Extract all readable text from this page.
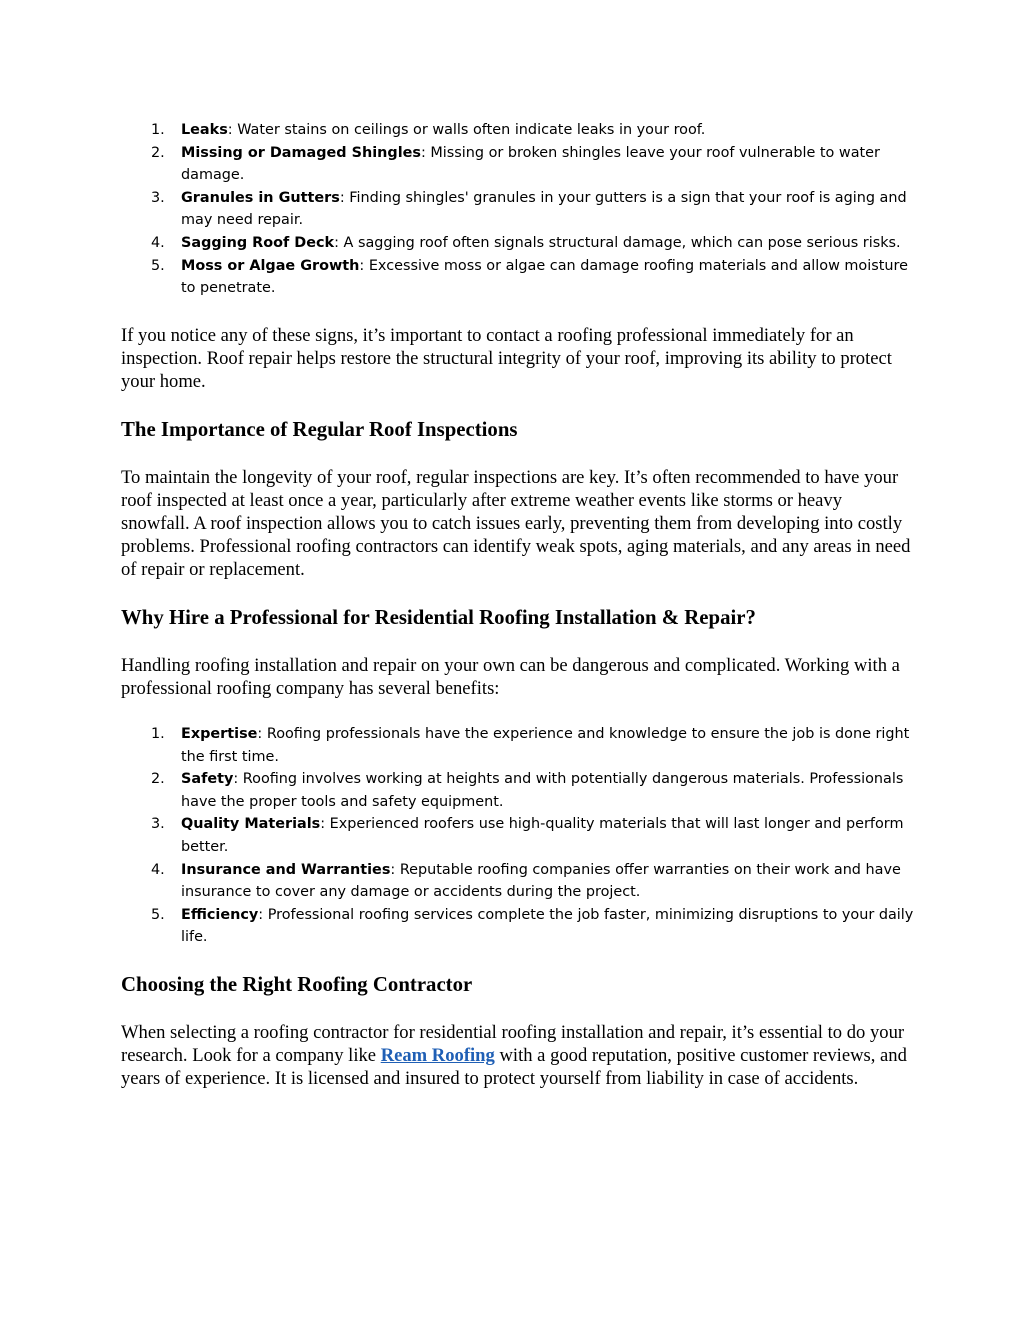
1. Leaks: Water stains on ceilings or walls often indicate leaks in your roof.
2. Missing or Damaged Shingles: Missing or broken shingles leave your roof vulnerable to water damage.
3. Granules in Gutters: Finding shingles' granules in your gutters is a sign that your roof is aging and may need repair.
4. Sagging Roof Deck: A sagging roof often signals structural damage, which can pose serious risks.
5. Moss or Algae Growth: Excessive moss or algae can damage roofing materials and allow moisture to penetrate.

If you notice any of these signs, it’s important to contact a roofing professional immediately for an inspection. Roof repair helps restore the structural integrity of your roof, improving its ability to protect your home.

The Importance of Regular Roof Inspections

To maintain the longevity of your roof, regular inspections are key. It’s often recommended to have your roof inspected at least once a year, particularly after extreme weather events like storms or heavy snowfall. A roof inspection allows you to catch issues early, preventing them from developing into costly problems. Professional roofing contractors can identify weak spots, aging materials, and any areas in need of repair or replacement.

Why Hire a Professional for Residential Roofing Installation & Repair?

Handling roofing installation and repair on your own can be dangerous and complicated. Working with a professional roofing company has several benefits:

1. Expertise: Roofing professionals have the experience and knowledge to ensure the job is done right the first time.
2. Safety: Roofing involves working at heights and with potentially dangerous materials. Professionals have the proper tools and safety equipment.
3. Quality Materials: Experienced roofers use high-quality materials that will last longer and perform better.
4. Insurance and Warranties: Reputable roofing companies offer warranties on their work and have insurance to cover any damage or accidents during the project.
5. Efficiency: Professional roofing services complete the job faster, minimizing disruptions to your daily life.
Choosing the Right Roofing Contractor

When selecting a roofing contractor for residential roofing installation and repair, it’s essential to do your research. Look for a company like Ream Roofing with a good reputation, positive customer reviews, and years of experience. It is licensed and insured to protect yourself from liability in case of accidents.
